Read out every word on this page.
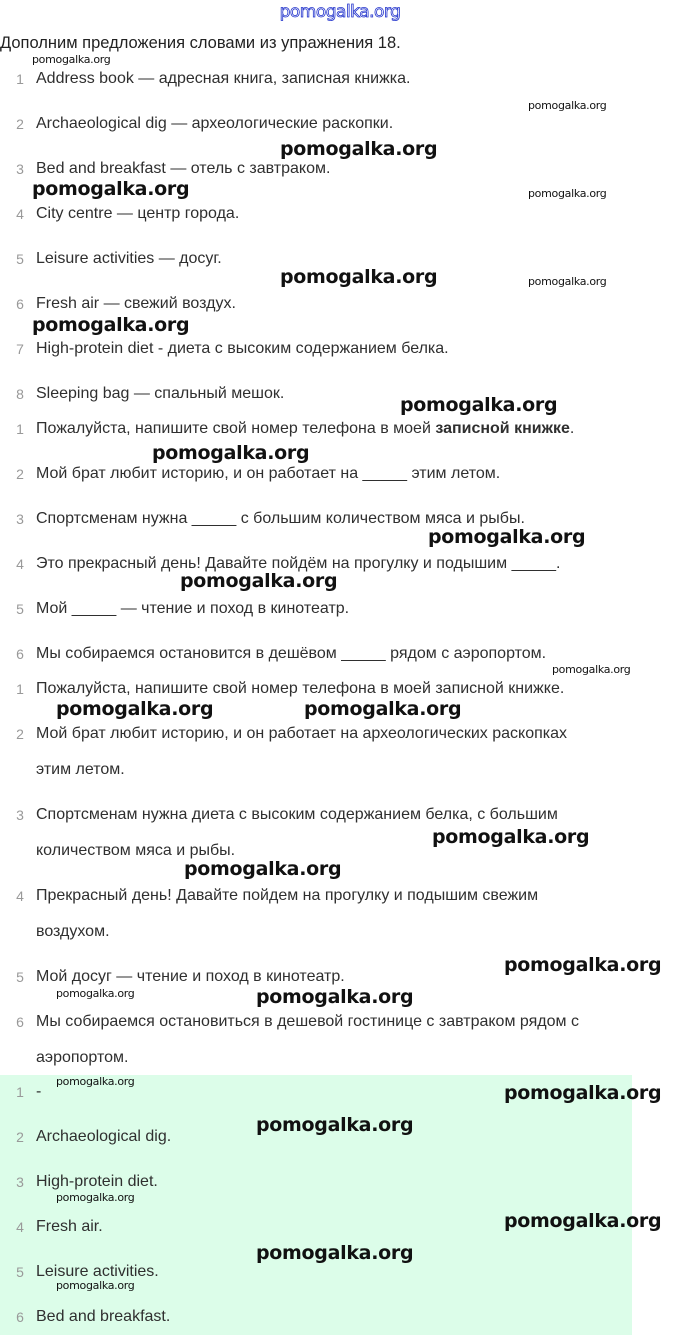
pomogalka.org
Дополним предложения словами из упражнения 18.
1 Address book — адресная книга, записная книжка.
2 Archaeological dig — археологические раскопки.
3 Bed and breakfast — отель с завтраком.
4 City centre — центр города.
5 Leisure activities — досуг.
6 Fresh air — свежий воздух.
7 High-protein diet - диета с высоким содержанием белка.
8 Sleeping bag — спальный мешок.
1 Пожалуйста, напишите свой номер телефона в моей записной книжке.
2 Мой брат любит историю, и он работает на _____ этим летом.
3 Спортсменам нужна _____ с большим количеством мяса и рыбы.
4 Это прекрасный день! Давайте пойдём на прогулку и подышим _____.
5 Мой _____ — чтение и поход в кинотеатр.
6 Мы собираемся остановится в дешёвом _____ рядом с аэропортом.
1 Пожалуйста, напишите свой номер телефона в моей записной книжке.
2 Мой брат любит историю, и он работает на археологических раскопках
этим летом.
3 Спортсменам нужна диета с высоким содержанием белка, с большим
количеством мяса и рыбы.
4 Прекрасный день! Давайте пойдем на прогулку и подышим свежим
воздухом.
5 Мой досуг — чтение и поход в кинотеатр.
6 Мы собираемся остановиться в дешевой гостинице с завтраком рядом с
аэропортом.
1 -
2 Archaeological dig.
3 High-protein diet.
4 Fresh air.
5 Leisure activities.
6 Bed and breakfast.
pomogalka.org
pomogalka.org
pomogalka.org
pomogalka.org
pomogalka.org
pomogalka.org
pomogalka.org
pomogalka.org
pomogalka.org	pomogalka.org
pomogalka.org
pomogalka.org
pomogalka.org
pomogalka.org
pomogalka.org
pomogalka.org
pomogalka.org
pomogalka.org
pomogalka.org
pomogalka.org
pomogalka.org
pomogalka.org
pomogalka.org
pomogalka.org
pomogalka.org
pomogalka.org
pomogalka.org
